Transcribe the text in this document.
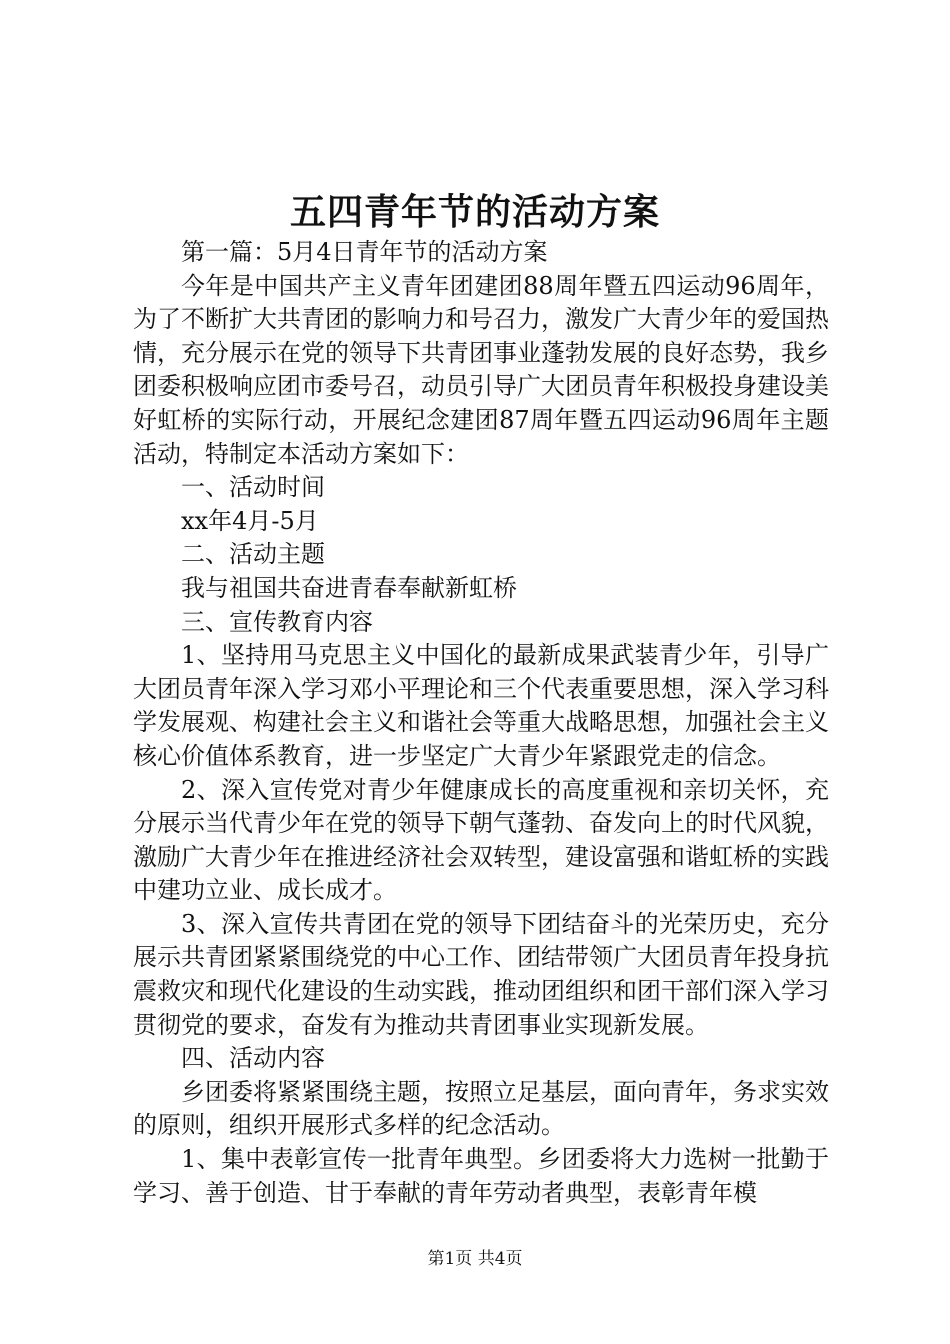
五四青年节的活动方案

第一篇：5月4日青年节的活动方案

今年是中国共产主义青年团建团88周年暨五四运动96周年，为了不断扩大共青团的影响力和号召力，激发广大青少年的爱国热情，充分展示在党的领导下共青团事业蓬勃发展的良好态势，我乡团委积极响应团市委号召，动员引导广大团员青年积极投身建设美好虹桥的实际行动，开展纪念建团87周年暨五四运动96周年主题活动，特制定本活动方案如下：

一、活动时间

xx年4月-5月

二、活动主题

我与祖国共奋进青春奉献新虹桥

三、宣传教育内容

1、坚持用马克思主义中国化的最新成果武装青少年，引导广大团员青年深入学习邓小平理论和三个代表重要思想，深入学习科学发展观、构建社会主义和谐社会等重大战略思想，加强社会主义核心价值体系教育，进一步坚定广大青少年紧跟党走的信念。

2、深入宣传党对青少年健康成长的高度重视和亲切关怀，充分展示当代青少年在党的领导下朝气蓬勃、奋发向上的时代风貌，激励广大青少年在推进经济社会双转型，建设富强和谐虹桥的实践中建功立业、成长成才。

3、深入宣传共青团在党的领导下团结奋斗的光荣历史，充分展示共青团紧紧围绕党的中心工作、团结带领广大团员青年投身抗震救灾和现代化建设的生动实践，推动团组织和团干部们深入学习贯彻党的要求，奋发有为推动共青团事业实现新发展。

四、活动内容

乡团委将紧紧围绕主题，按照立足基层，面向青年，务求实效的原则，组织开展形式多样的纪念活动。

1、集中表彰宣传一批青年典型。乡团委将大力选树一批勤于学习、善于创造、甘于奉献的青年劳动者典型，表彰青年模

第1页 共4页
